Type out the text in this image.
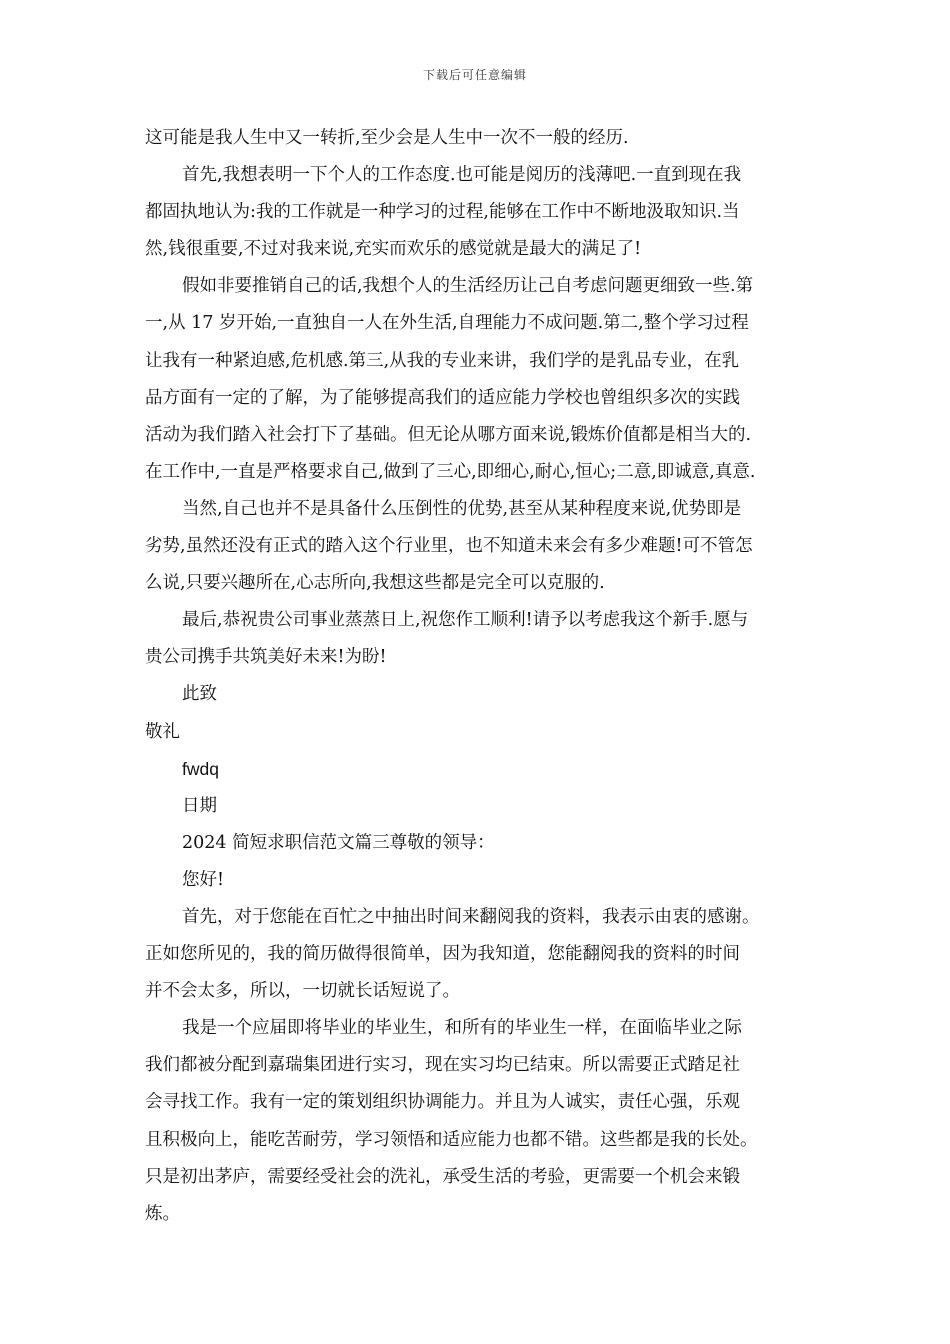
下载后可任意编辑
这可能是我人生中又一转折,至少会是人生中一次不一般的经历.
首先,我想表明一下个人的工作态度.也可能是阅历的浅薄吧.一直到现在我
都固执地认为:我的工作就是一种学习的过程,能够在工作中不断地汲取知识.当
然,钱很重要,不过对我来说,充实而欢乐的感觉就是最大的满足了!
假如非要推销自己的话,我想个人的生活经历让己自考虑问题更细致一些.第
一,从 17 岁开始,一直独自一人在外生活,自理能力不成问题.第二,整个学习过程
让我有一种紧迫感,危机感.第三,从我的专业来讲，我们学的是乳品专业，在乳
品方面有一定的了解，为了能够提高我们的适应能力学校也曾组织多次的实践
活动为我们踏入社会打下了基础。但无论从哪方面来说,锻炼价值都是相当大的.
在工作中,一直是严格要求自己,做到了三心,即细心,耐心,恒心;二意,即诚意,真意.
当然,自己也并不是具备什么压倒性的优势,甚至从某种程度来说,优势即是
劣势,虽然还没有正式的踏入这个行业里，也不知道未来会有多少难题!可不管怎
么说,只要兴趣所在,心志所向,我想这些都是完全可以克服的.
最后,恭祝贵公司事业蒸蒸日上,祝您作工顺利!请予以考虑我这个新手.愿与
贵公司携手共筑美好未来!为盼!
此致
敬礼
fwdq
日期
2024 简短求职信范文篇三尊敬的领导：
您好!
首先，对于您能在百忙之中抽出时间来翻阅我的资料，我表示由衷的感谢。
正如您所见的，我的简历做得很简单，因为我知道，您能翻阅我的资料的时间
并不会太多，所以，一切就长话短说了。
我是一个应届即将毕业的毕业生，和所有的毕业生一样，在面临毕业之际
我们都被分配到嘉瑞集团进行实习，现在实习均已结束。所以需要正式踏足社
会寻找工作。我有一定的策划组织协调能力。并且为人诚实，责任心强，乐观
且积极向上，能吃苦耐劳，学习领悟和适应能力也都不错。这些都是我的长处。
只是初出茅庐，需要经受社会的洗礼，承受生活的考验，更需要一个机会来锻
炼。
